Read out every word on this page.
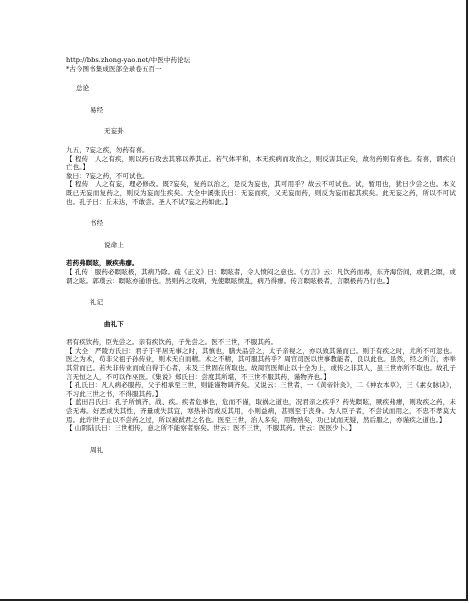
http://bbs.zhong-yao.net/中医中药论坛

*古今图书集成医部全录卷五百一

总论
易经
无妄卦

九五，?妄之疾，勿药有喜。

【 程传　人之有疾，则以药石攻去其邪以养其正。若气体平和，本无疾病而攻治之，则反害其正矣，故勿药则有喜也。有喜，谓疾自亡也。】

象曰：?妄之药，不可试也。

【 程传　人之有妄，理必修改。既?妄矣，复药以治之，是反为妄也，其可用乎？故云不可试也。试，暂用也，犹曰少尝之也。本义　既已无妄而复药之，则反为妄而生疾矣。大全中溪张氏曰：无妄而疾，又无妄而药，则反为妄而起其疾矣。此无妄之药，所以不可试也。孔子曰：丘未达，不敢尝。圣人不试?妄之药如此。】

书经
说命上

若药弗瞑眩，厥疾弗瘳。

【 孔传　服药必瞑眩极，其病乃除。疏《正义》曰：瞑眩者，令人愤闷之意也。《方言》云：凡饮药而毒，东齐海岱间，或谓之瞑，或谓之眩。郭璞云：瞑眩亦通语也。然则药之攻病，先使瞑眩愤乱，病乃得瘳。传言瞑眩极者，言瞑极药乃行也。】

礼记
曲礼下

君有疾饮药，臣先尝之。亲有疾饮药，子先尝之。医不三世，不服其药。

【 大全　严陵方氏曰：君子于平居无事之时，其慎也，膳夫品尝之，太子亲视之，亦以致其谨而已。则于有疾之时，尤所不可忽也。医之为术，苟非父祖子孙传业，则术无自而精。术之不精，其可服其药乎？周官司医以世事教能者，良以此也。虽然，经之所言，亦举其常而已。若夫非传业而成自得于心者，未及三世固在所取也。故周官医师止以十全为上，或传之非其人，虽三世亦所不取也。故孔子言无恒之人，不可以作巫医。《集说》郑氏曰：尝度其所堪，不三世不服其药，谨物齐也。】

【 孔氏曰：凡人病必服药，父子相承至三世，则能谨物调齐矣。又说云：三世者，一《黄帝针灸》，二《神农本草》，三《素女脉诀》，不习此三世之书，不得服其药。】

【 蓝田吕氏曰：孔子所慎齐、战、疾。疾者危事也，危而不谨，取祸之道也，况君亲之疾乎？药先瞑眩，厥疾弗瘳，则攻疾之药，未尝无毒。好恶或失其性，齐量或失其宜，寒热补泻或反其用，小则益病，甚则至于丧身。为人臣子者，不尝试而用之，不忠不孝莫大焉。此许世子止以不尝药之过，所以被弑君之名也。医至三世，治人多矣，用物熟矣，功已试而无疑，然后服之，亦谨疾之道也。】

【 山阴陆氏曰：三世相传，意之所不能察者察矣。世云：医不三世，不服其药。世云：医医少卜。】

周礼
